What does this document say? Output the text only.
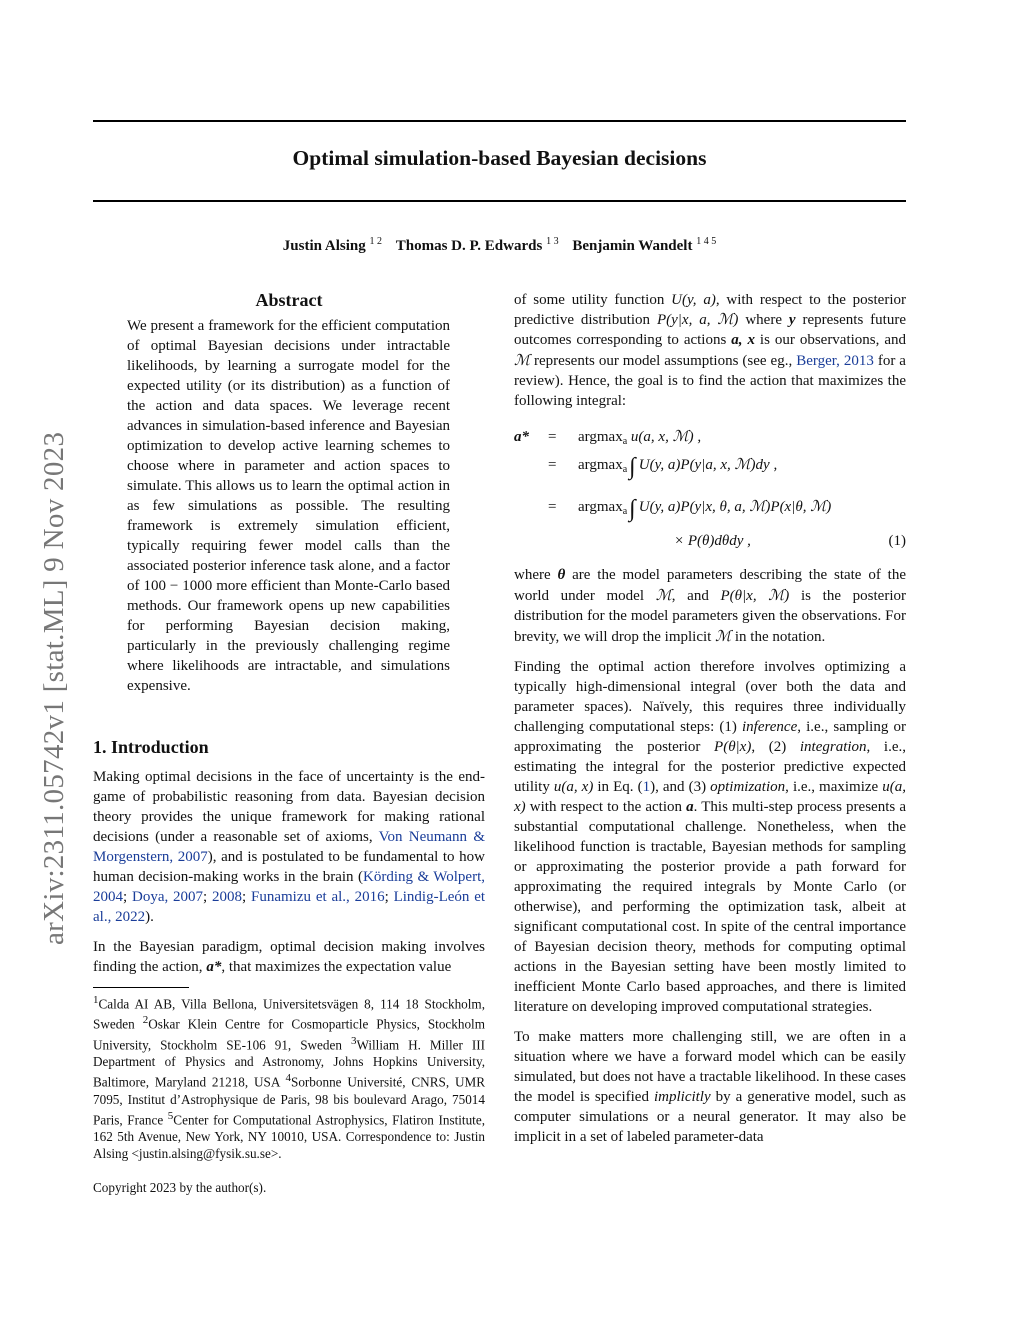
arXiv:2311.05742v1 [stat.ML] 9 Nov 2023
Optimal simulation-based Bayesian decisions
Justin Alsing $^{1 2}$ Thomas D. P. Edwards $^{1 3}$ Benjamin Wandelt $^{1 4 5}$
Abstract

We present a framework for the efficient computation of optimal Bayesian decisions under intractable likelihoods, by learning a surrogate model for the expected utility (or its distribution) as a function of the action and data spaces. We leverage recent advances in simulation-based inference and Bayesian optimization to develop active learning schemes to choose where in parameter and action spaces to simulate. This allows us to learn the optimal action in as few simulations as possible. The resulting framework is extremely simulation efficient, typically requiring fewer model calls than the associated posterior inference task alone, and a factor of 100 − 1000 more efficient than Monte-Carlo based methods. Our framework opens up new capabilities for performing Bayesian decision making, particularly in the previously challenging regime where likelihoods are intractable, and simulations expensive.

1. Introduction

Making optimal decisions in the face of uncertainty is the end-game of probabilistic reasoning from data. Bayesian decision theory provides the unique framework for making rational decisions (under a reasonable set of axioms, Von Neumann & Morgenstern, 2007), and is postulated to be fundamental to how human decision-making works in the brain (Körding & Wolpert, 2004; Doya, 2007; 2008; Funamizu et al., 2016; Lindig-León et al., 2022).

In the Bayesian paradigm, optimal decision making involves finding the action, a*, that maximizes the expectation value

$^1$Calda AI AB, Villa Bellona, Universitetsvägen 8, 114 18 Stockholm, Sweden $^2$Oskar Klein Centre for Cosmoparticle Physics, Stockholm University, Stockholm SE-106 91, Sweden $^3$William H. Miller III Department of Physics and Astronomy, Johns Hopkins University, Baltimore, Maryland 21218, USA $^4$Sorbonne Université, CNRS, UMR 7095, Institut d’Astrophysique de Paris, 98 bis boulevard Arago, 75014 Paris, France $^5$Center for Computational Astrophysics, Flatiron Institute, 162 5th Avenue, New York, NY 10010, USA. Correspondence to: Justin Alsing <justin.alsing@fysik.su.se>.
Copyright 2023 by the author(s).

of some utility function U(y, a), with respect to the posterior predictive distribution P(y|x, a, ℳ) where y represents future outcomes corresponding to actions a, x is our observations, and ℳ represents our model assumptions (see eg., Berger, 2013 for a review). Hence, the goal is to find the action that maximizes the following integral:

a* = argmax$_a$ u(a, x, ℳ) ,
= argmax$_a$∫ U(y, a)P(y|a, x, ℳ)dy ,
= argmax$_a$∫ U(y, a)P(y|x, θ, a, ℳ)P(x|θ, ℳ)
× P(θ)dθdy ,	(1)

where θ are the model parameters describing the state of the world under model ℳ, and P(θ|x, ℳ) is the posterior distribution for the model parameters given the observations. For brevity, we will drop the implicit ℳ in the notation.

Finding the optimal action therefore involves optimizing a typically high-dimensional integral (over both the data and parameter spaces). Naïvely, this requires three individually challenging computational steps: (1) inference, i.e., sampling or approximating the posterior P(θ|x), (2) integration, i.e., estimating the integral for the posterior predictive expected utility u(a, x) in Eq. (1), and (3) optimization, i.e., maximize u(a, x) with respect to the action a. This multi-step process presents a substantial computational challenge. Nonetheless, when the likelihood function is tractable, Bayesian methods for sampling or approximating the posterior provide a path forward for approximating the required integrals by Monte Carlo (or otherwise), and performing the optimization task, albeit at significant computational cost. In spite of the central importance of Bayesian decision theory, methods for computing optimal actions in the Bayesian setting have been mostly limited to inefficient Monte Carlo based approaches, and there is limited literature on developing improved computational strategies.

To make matters more challenging still, we are often in a situation where we have a forward model which can be easily simulated, but does not have a tractable likelihood. In these cases the model is specified implicitly by a generative model, such as computer simulations or a neural generator. It may also be implicit in a set of labeled parameter-data
